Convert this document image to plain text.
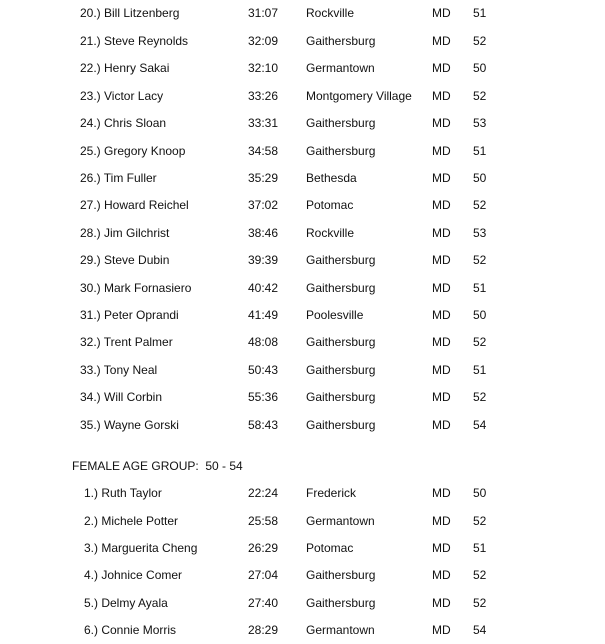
20.) Bill Litzenberg	31:07 Rockville	MD 51
21.) Steve Reynolds	32:09 Gaithersburg	MD 52
22.) Henry Sakai	32:10 Germantown	MD 50
23.) Victor Lacy	33:26 Montgomery Village MD 52
24.) Chris Sloan	33:31 Gaithersburg	MD 53
25.) Gregory Knoop	34:58 Gaithersburg	MD 51
26.) Tim Fuller	35:29 Bethesda	MD 50
27.) Howard Reichel	37:02 Potomac	MD 52
28.) Jim Gilchrist	38:46 Rockville	MD 53
29.) Steve Dubin	39:39 Gaithersburg	MD 52
30.) Mark Fornasiero	40:42 Gaithersburg	MD 51
31.) Peter Oprandi	41:49 Poolesville	MD 50
32.) Trent Palmer	48:08 Gaithersburg	MD 52
33.) Tony Neal	50:43 Gaithersburg	MD 51
34.) Will Corbin	55:36 Gaithersburg	MD 52
35.) Wayne Gorski	58:43 Gaithersburg	MD 54
FEMALE AGE GROUP:  50 - 54
1.) Ruth Taylor	22:24 Frederick	MD 50
2.) Michele Potter	25:58 Germantown	MD 52
3.) Marguerita Cheng	26:29 Potomac	MD 51
4.) Johnice Comer	27:04 Gaithersburg	MD 52
5.) Delmy Ayala	27:40 Gaithersburg	MD 52
6.) Connie Morris	28:29 Germantown	MD 54
